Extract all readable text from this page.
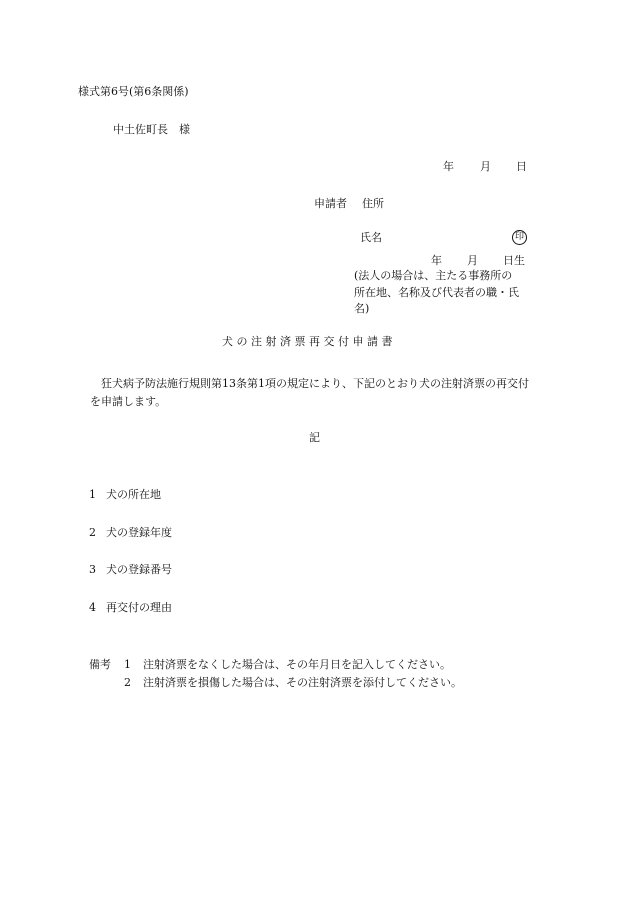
様式第6号(第6条関係)
中土佐町長　様
年 月 日
申請者 住所
氏名	印
年 月 日生
(法人の場合は、主たる事務所の
所在地、名称及び代表者の職・氏
名)
犬の注射済票再交付申請書
狂犬病予防法施行規則第13条第1項の規定により、下記のとおり犬の注射済票の再交付
を申請します。
記
1 犬の所在地
2 犬の登録年度
3 犬の登録番号
4 再交付の理由
備考 1 注射済票をなくした場合は、その年月日を記入してください。
2 注射済票を損傷した場合は、その注射済票を添付してください。
